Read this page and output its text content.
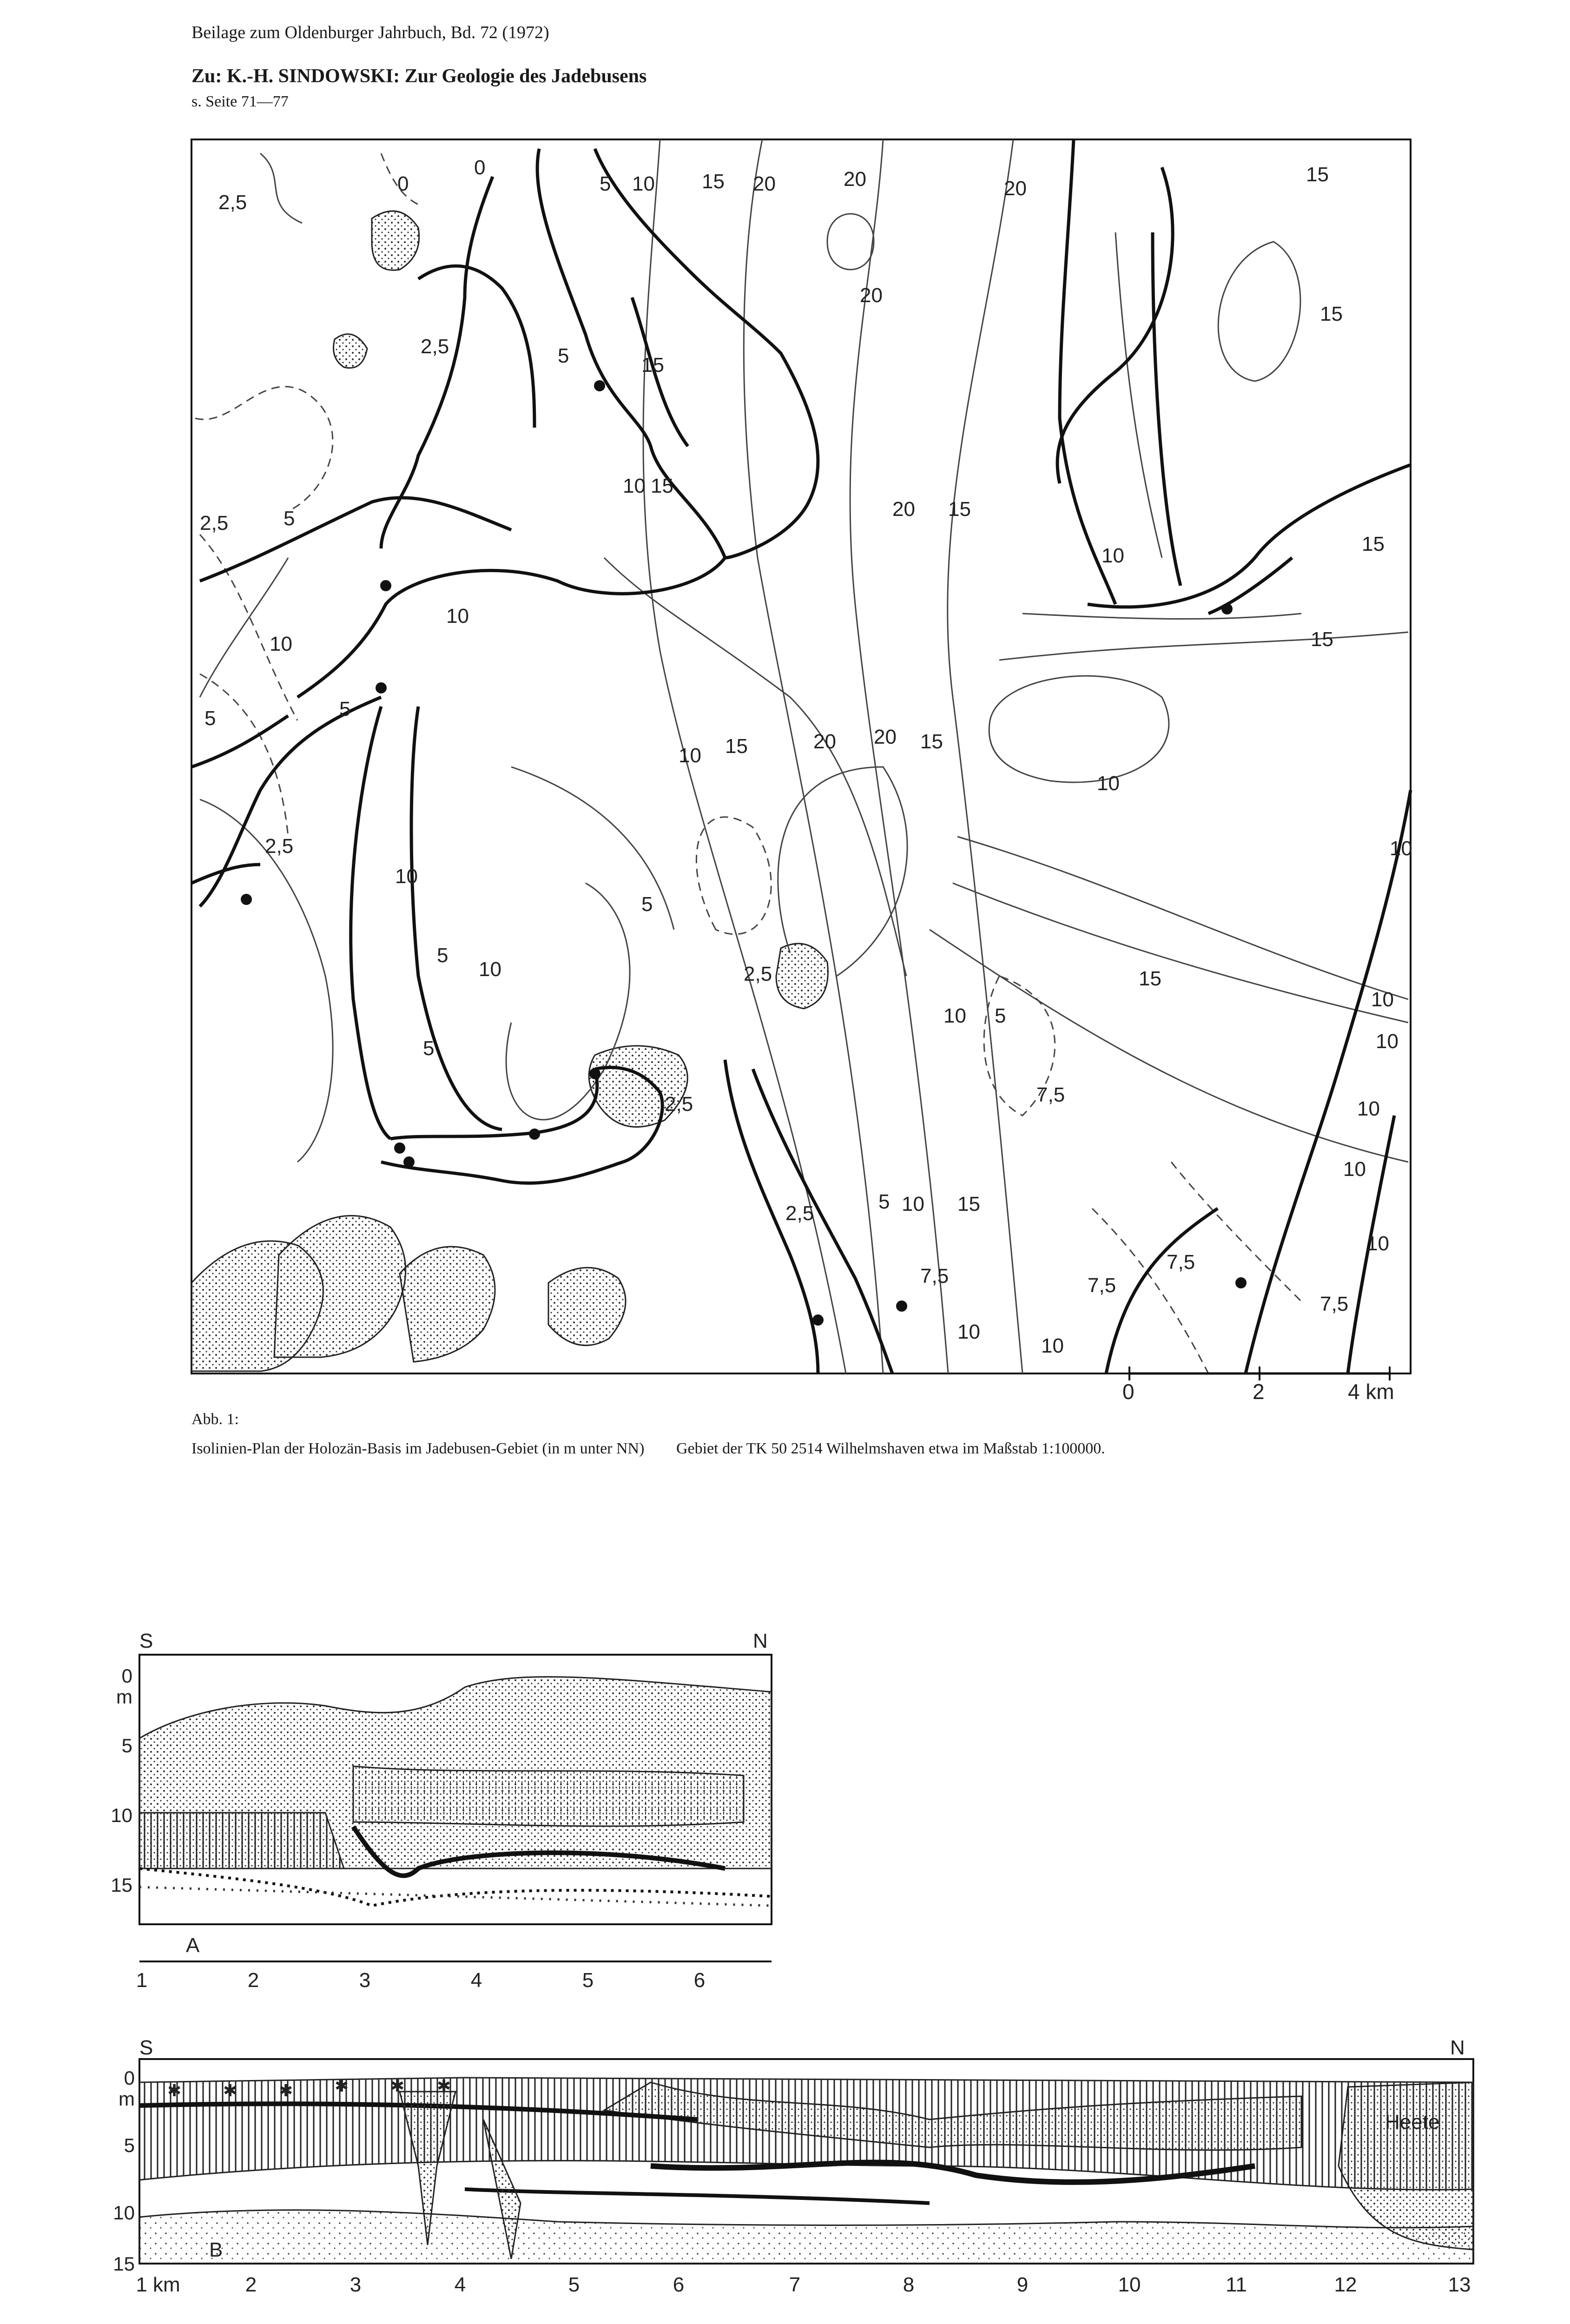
Beilage zum Oldenburger Jahrbuch, Bd. 72 (1972)
Zu: K.-H. SINDOWSKI: Zur Geologie des Jadebusens
s. Seite 71—77
2,5
0
0
5 10 15 20	20	20
15
20
15
2,5	5	15
10 15
2,5	5	20 15
10
15
10
10	15
5	5
10 15	20 20 15
10
2,5	10
10
5
5
10	2,5	15
10 5
10
5	10
7,5
2,5	10
10
5 10 15
2,5
10
7,5
7,5	7,5
7,5
10
10
0	2	4 km
Abb. 1:
Isolinien-Plan der Holozän-Basis im Jadebusen-Gebiet (in m unter NN) Gebiet der TK 50 2514 Wilhelmshaven etwa im Maßstab 1:100000.
S	N
A
0
m
5
10
15
1	2	3	4	5	6
✱ ✱ ✱ ✱ ✱ ✱
S	N
B
Heete
0
m
5
10
15
1 km	2	3	4	5	6	7	8	9	10	11	12	13
